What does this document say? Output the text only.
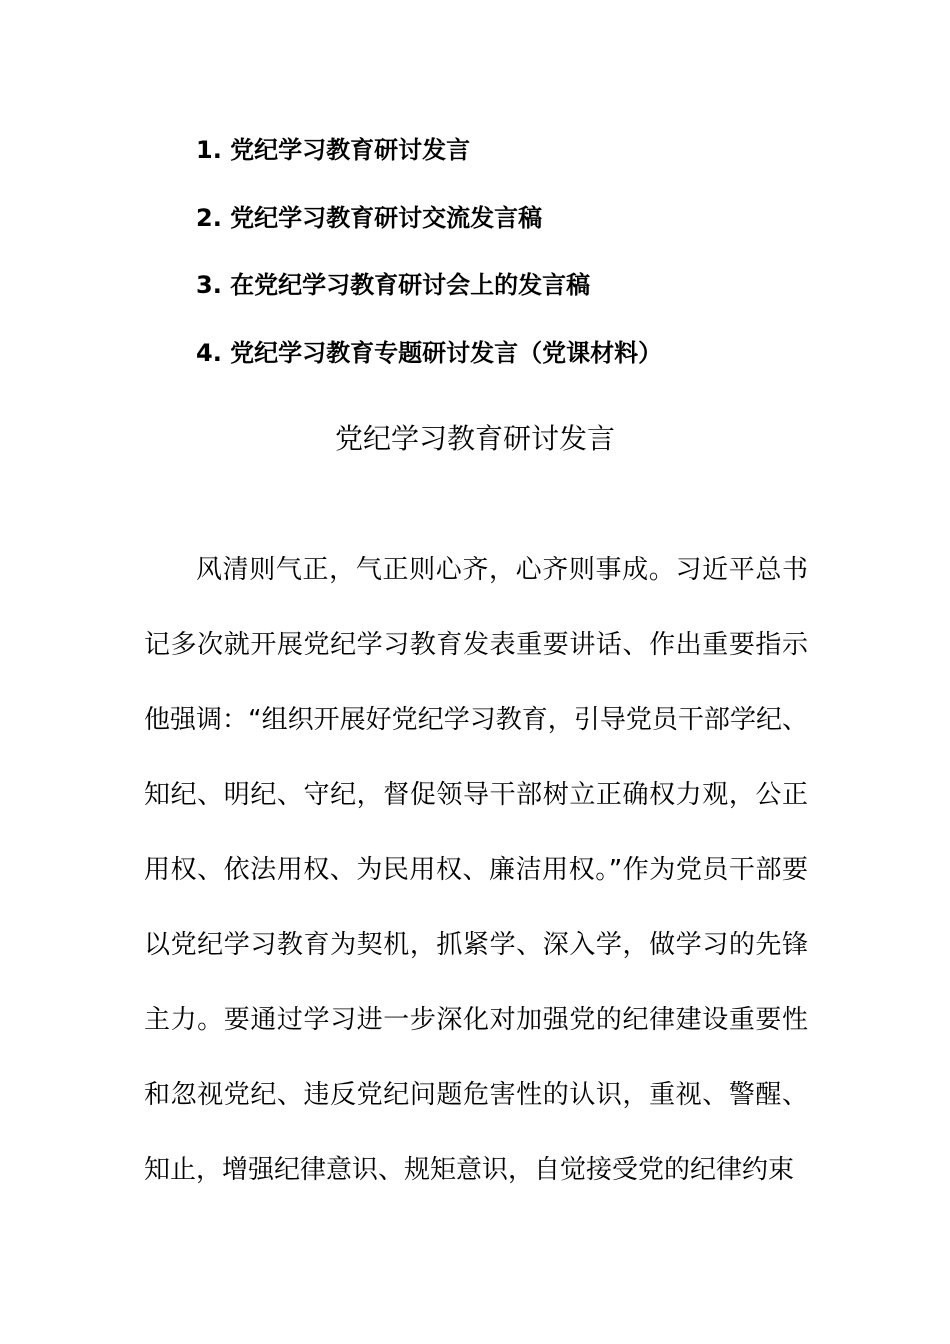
1. 党纪学习教育研讨发言
2. 党纪学习教育研讨交流发言稿
3. 在党纪学习教育研讨会上的发言稿
4. 党纪学习教育专题研讨发言（党课材料）
党纪学习教育研讨发言

风清则气正，气正则心齐，心齐则事成。习近平总书记多次就开展党纪学习教育发表重要讲话、作出重要指示他强调：“组织开展好党纪学习教育，引导党员干部学纪、知纪、明纪、守纪，督促领导干部树立正确权力观，公正用权、依法用权、为民用权、廉洁用权。”作为党员干部要以党纪学习教育为契机，抓紧学、深入学，做学习的先锋主力。要通过学习进一步深化对加强党的纪律建设重要性和忽视党纪、违反党纪问题危害性的认识，重视、警醒、知止，增强纪律意识、规矩意识，自觉接受党的纪律约束
